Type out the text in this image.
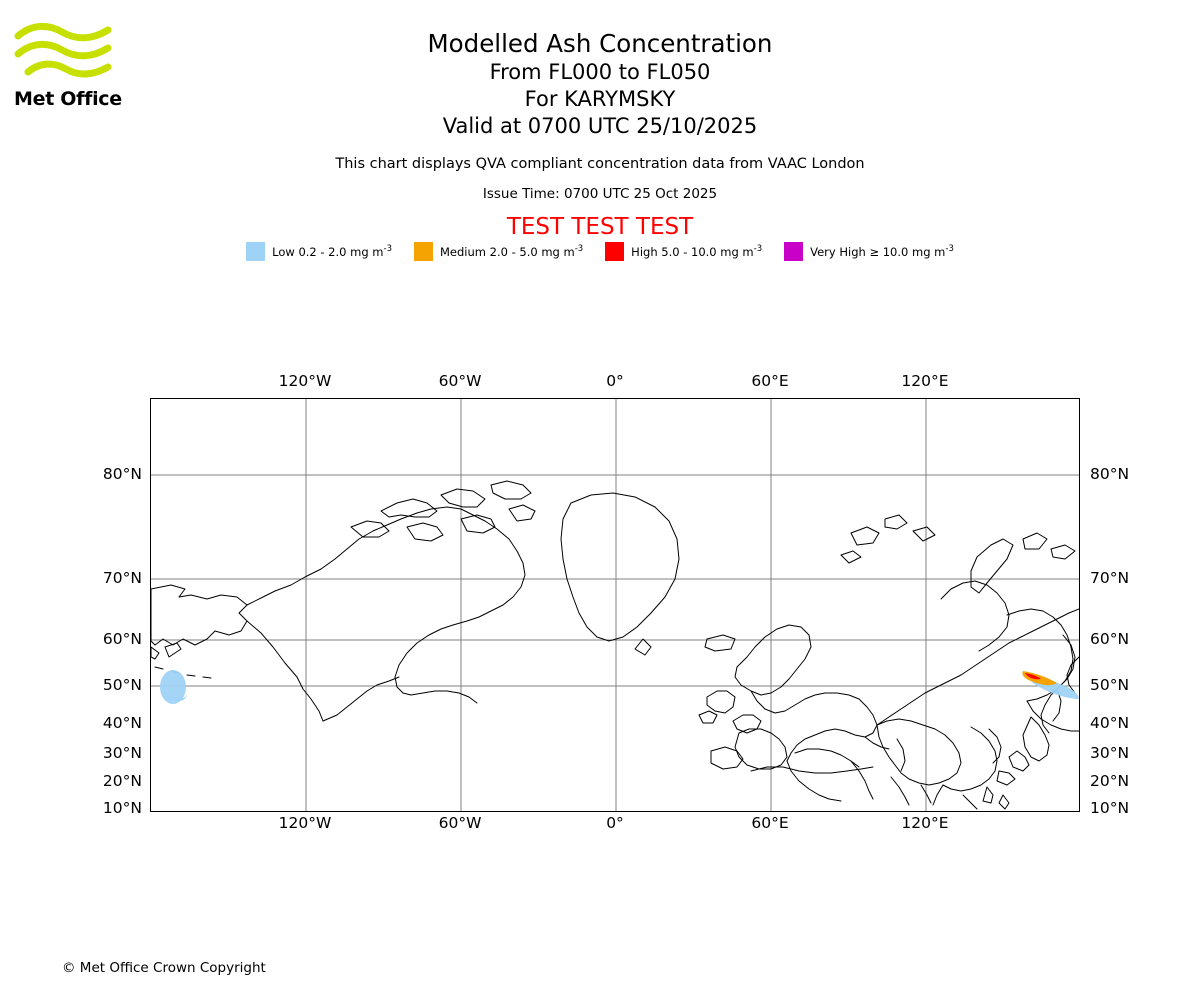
Met Office
Modelled Ash Concentration
From FL000 to FL050
For KARYMSKY
Valid at 0700 UTC 25/10/2025
This chart displays QVA compliant concentration data from VAAC London
Issue Time: 0700 UTC 25 Oct 2025
TEST TEST TEST
Low 0.2 - 2.0 mg $m^{-3}$	Medium 2.0 - 5.0 mg $m^{-3}$	High 5.0 - 10.0 mg $m^{-3}$	Very High ≥ 10.0 mg $m^{-3}$
120°W	60°W	0°	60°E	120°E
120°W	60°W	0°	60°E	120°E
80°N
70°N
60°N
50°N
40°N
30°N
20°N
10°N
80°N
70°N
60°N
50°N
40°N
30°N
20°N
10°N
© Met Office Crown Copyright
